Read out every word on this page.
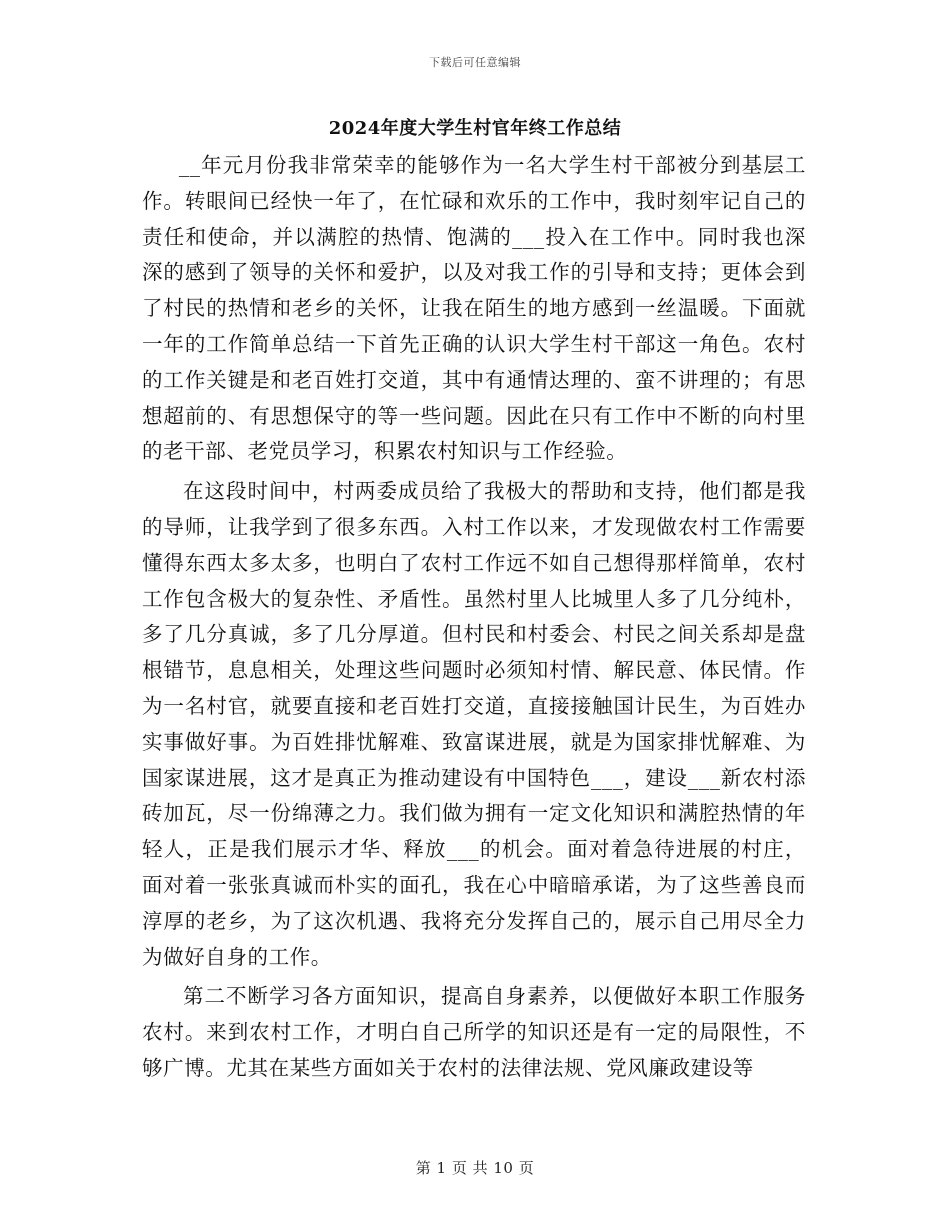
下载后可任意编辑
2024年度大学生村官年终工作总结

__年元月份我非常荣幸的能够作为一名大学生村干部被分到基层工作。转眼间已经快一年了，在忙碌和欢乐的工作中，我时刻牢记自己的责任和使命，并以满腔的热情、饱满的___投入在工作中。同时我也深深的感到了领导的关怀和爱护，以及对我工作的引导和支持；更体会到了村民的热情和老乡的关怀，让我在陌生的地方感到一丝温暖。下面就一年的工作简单总结一下首先正确的认识大学生村干部这一角色。农村的工作关键是和老百姓打交道，其中有通情达理的、蛮不讲理的；有思想超前的、有思想保守的等一些问题。因此在只有工作中不断的向村里的老干部、老党员学习，积累农村知识与工作经验。

在这段时间中，村两委成员给了我极大的帮助和支持，他们都是我的导师，让我学到了很多东西。入村工作以来，才发现做农村工作需要懂得东西太多太多，也明白了农村工作远不如自己想得那样简单，农村工作包含极大的复杂性、矛盾性。虽然村里人比城里人多了几分纯朴，多了几分真诚，多了几分厚道。但村民和村委会、村民之间关系却是盘根错节，息息相关，处理这些问题时必须知村情、解民意、体民情。作为一名村官，就要直接和老百姓打交道，直接接触国计民生，为百姓办实事做好事。为百姓排忧解难、致富谋进展，就是为国家排忧解难、为国家谋进展，这才是真正为推动建设有中国特色___，建设___新农村添砖加瓦，尽一份绵薄之力。我们做为拥有一定文化知识和满腔热情的年轻人，正是我们展示才华、释放___的机会。面对着急待进展的村庄，面对着一张张真诚而朴实的面孔，我在心中暗暗承诺，为了这些善良而淳厚的老乡，为了这次机遇、我将充分发挥自己的，展示自己用尽全力为做好自身的工作。

第二不断学习各方面知识，提高自身素养，以便做好本职工作服务农村。来到农村工作，才明白自己所学的知识还是有一定的局限性，不够广博。尤其在某些方面如关于农村的法律法规、党风廉政建设等

第 1 页 共 10 页
